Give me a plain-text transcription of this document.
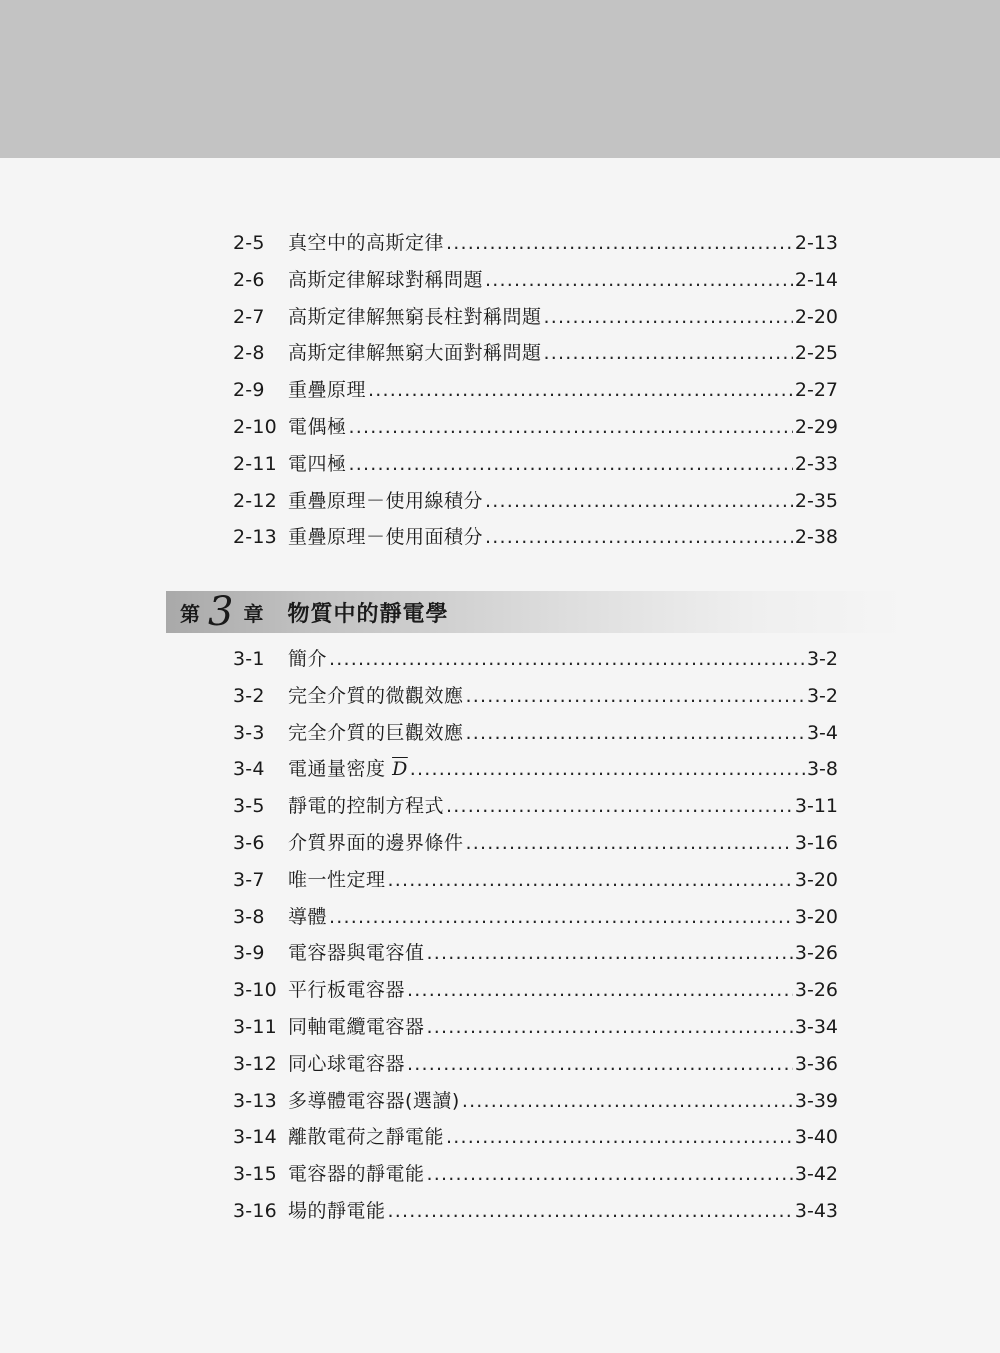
2-5	真空中的高斯定律 .....	2-13
2-6	高斯定律解球對稱問題 .....	2-14
2-7	高斯定律解無窮長柱對稱問題 .....	2-20
2-8	高斯定律解無窮大面對稱問題 .....	2-25
2-9	重疊原理 .....	2-27
2-10 電偶極 .....	2-29
2-11 電四極 .....	2-33
2-12 重疊原理－使用線積分 .....	2-35
2-13 重疊原理－使用面積分 .....	2-38
第 3 章 物質中的靜電學
3-1	簡介 .....	3-2
3-2	完全介質的微觀效應 .....	3-2
3-3	完全介質的巨觀效應 .....	3-4
3-4	電通量密度 $\overline{D}$ .....	3-8
3-5	靜電的控制方程式 .....	3-11
3-6	介質界面的邊界條件 .....	3-16
3-7	唯一性定理 .....	3-20
3-8	導體 .....	3-20
3-9	電容器與電容值 .....	3-26
3-10 平行板電容器 .....	3-26
3-11 同軸電纜電容器 .....	3-34
3-12 同心球電容器 .....	3-36
3-13 多導體電容器(選讀) .....	3-39
3-14 離散電荷之靜電能 .....	3-40
3-15 電容器的靜電能 .....	3-42
3-16 場的靜電能 .....	3-43
